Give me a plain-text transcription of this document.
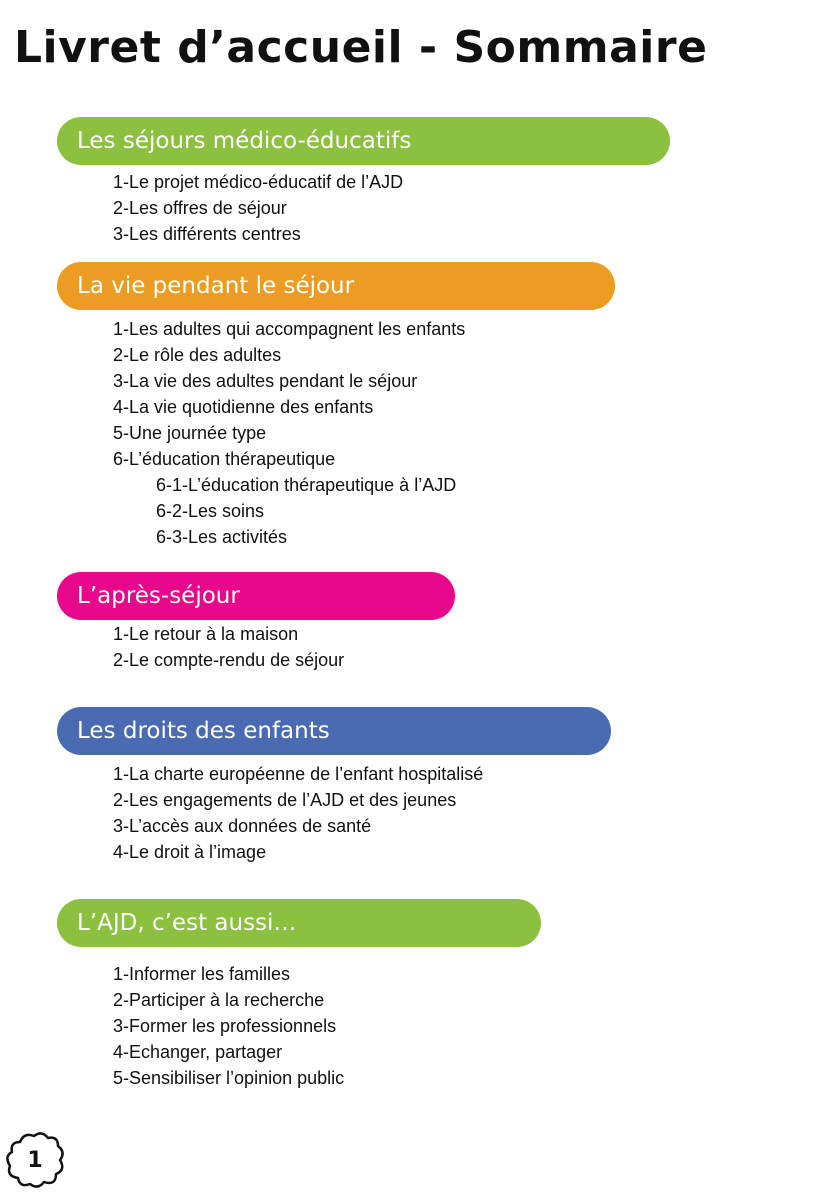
Livret d’accueil - Sommaire
Les séjours médico-éducatifs
1-Le projet médico-éducatif de l’AJD
2-Les offres de séjour
3-Les différents centres
La vie pendant le séjour
1-Les adultes qui accompagnent les enfants
2-Le rôle des adultes
3-La vie des adultes pendant le séjour
4-La vie quotidienne des enfants
5-Une journée type
6-L’éducation thérapeutique
6-1-L’éducation thérapeutique à l’AJD
6-2-Les soins
6-3-Les activités
L’après-séjour
1-Le retour à la maison
2-Le compte-rendu de séjour
Les droits des enfants
1-La charte européenne de l’enfant hospitalisé
2-Les engagements de l’AJD et des jeunes
3-L’accès aux données de santé
4-Le droit à l’image
L’AJD, c’est aussi…
1-Informer les familles
2-Participer à la recherche
3-Former les professionnels
4-Echanger, partager
5-Sensibiliser l’opinion public
1
